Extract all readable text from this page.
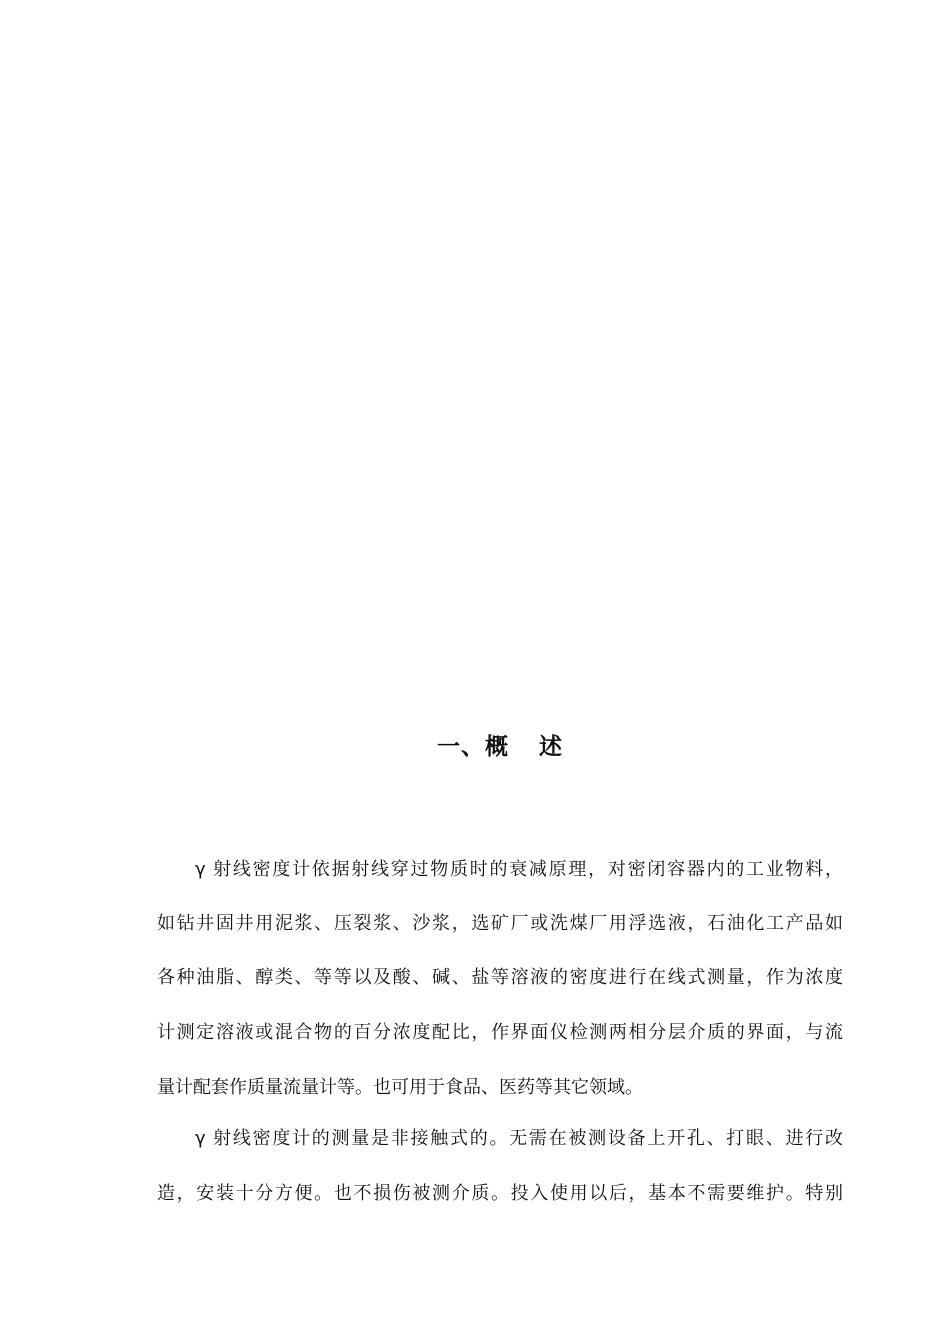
一、概 述
γ 射线密度计依据射线穿过物质时的衰减原理，对密闭容器内的工业物料，
如钻井固井用泥浆、压裂浆、沙浆，选矿厂或洗煤厂用浮选液，石油化工产品如
各种油脂、醇类、等等以及酸、碱、盐等溶液的密度进行在线式测量，作为浓度
计测定溶液或混合物的百分浓度配比，作界面仪检测两相分层介质的界面，与流
量计配套作质量流量计等。也可用于食品、医药等其它领域。
γ 射线密度计的测量是非接触式的。无需在被测设备上开孔、打眼、进行改
造，安装十分方便。也不损伤被测介质。投入使用以后，基本不需要维护。特别
